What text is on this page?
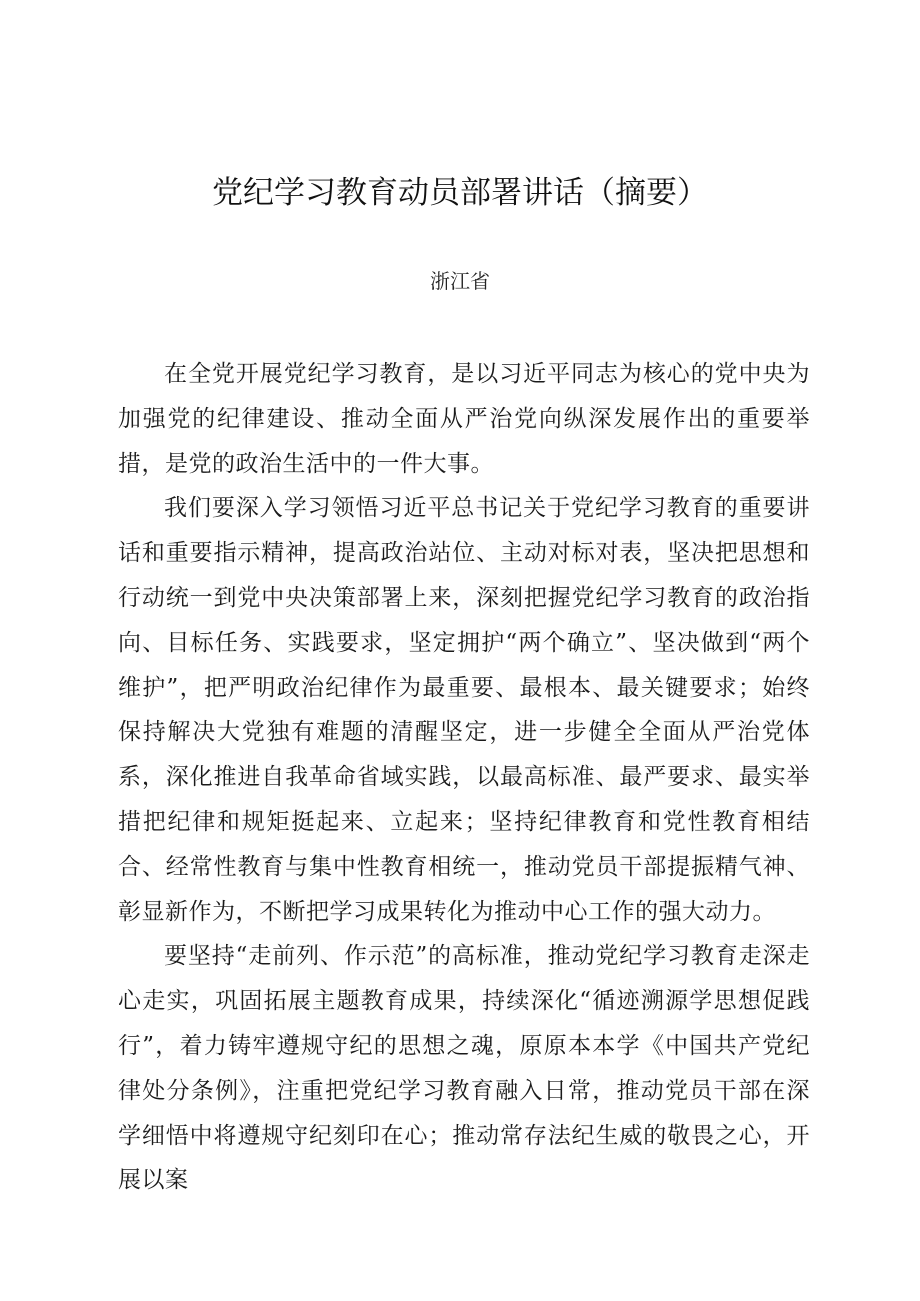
党纪学习教育动员部署讲话（摘要）
浙江省

在全党开展党纪学习教育，是以习近平同志为核心的党中央为加强党的纪律建设、推动全面从严治党向纵深发展作出的重要举措，是党的政治生活中的一件大事。

我们要深入学习领悟习近平总书记关于党纪学习教育的重要讲话和重要指示精神，提高政治站位、主动对标对表，坚决把思想和行动统一到党中央决策部署上来，深刻把握党纪学习教育的政治指向、目标任务、实践要求，坚定拥护“两个确立”、坚决做到“两个维护”，把严明政治纪律作为最重要、最根本、最关键要求；始终保持解决大党独有难题的清醒坚定，进一步健全全面从严治党体系，深化推进自我革命省域实践，以最高标准、最严要求、最实举措把纪律和规矩挺起来、立起来；坚持纪律教育和党性教育相结合、经常性教育与集中性教育相统一，推动党员干部提振精气神、彰显新作为，不断把学习成果转化为推动中心工作的强大动力。

要坚持“走前列、作示范”的高标准，推动党纪学习教育走深走心走实，巩固拓展主题教育成果，持续深化“循迹溯源学思想促践行”，着力铸牢遵规守纪的思想之魂，原原本本学《中国共产党纪律处分条例》，注重把党纪学习教育融入日常，推动党员干部在深学细悟中将遵规守纪刻印在心；推动常存法纪生威的敬畏之心，开展以案
